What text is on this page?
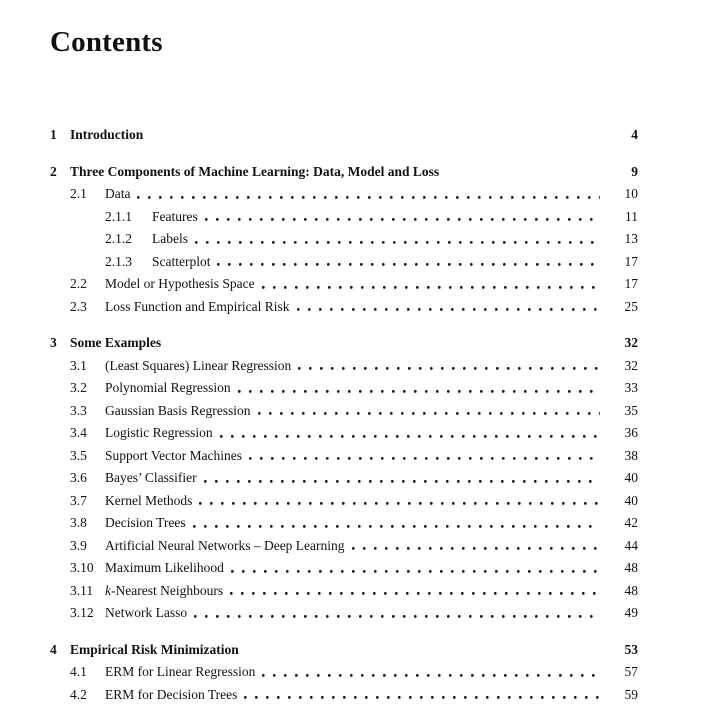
Contents
1 Introduction	4
2 Three Components of Machine Learning: Data, Model and Loss	9
2.1	Data	10
2.1.1	Features	11
2.1.2	Labels	13
2.1.3	Scatterplot	17
2.2	Model or Hypothesis Space	17
2.3	Loss Function and Empirical Risk	25
3 Some Examples	32
3.1	(Least Squares) Linear Regression	32
3.2	Polynomial Regression	33
3.3	Gaussian Basis Regression	35
3.4	Logistic Regression	36
3.5	Support Vector Machines	38
3.6	Bayes’ Classifier	40
3.7	Kernel Methods	40
3.8	Decision Trees	42
3.9	Artificial Neural Networks – Deep Learning	44
3.10 Maximum Likelihood	48
3.11 k-Nearest Neighbours	48
3.12 Network Lasso	49
4 Empirical Risk Minimization	53
4.1	ERM for Linear Regression	57
4.2	ERM for Decision Trees	59
